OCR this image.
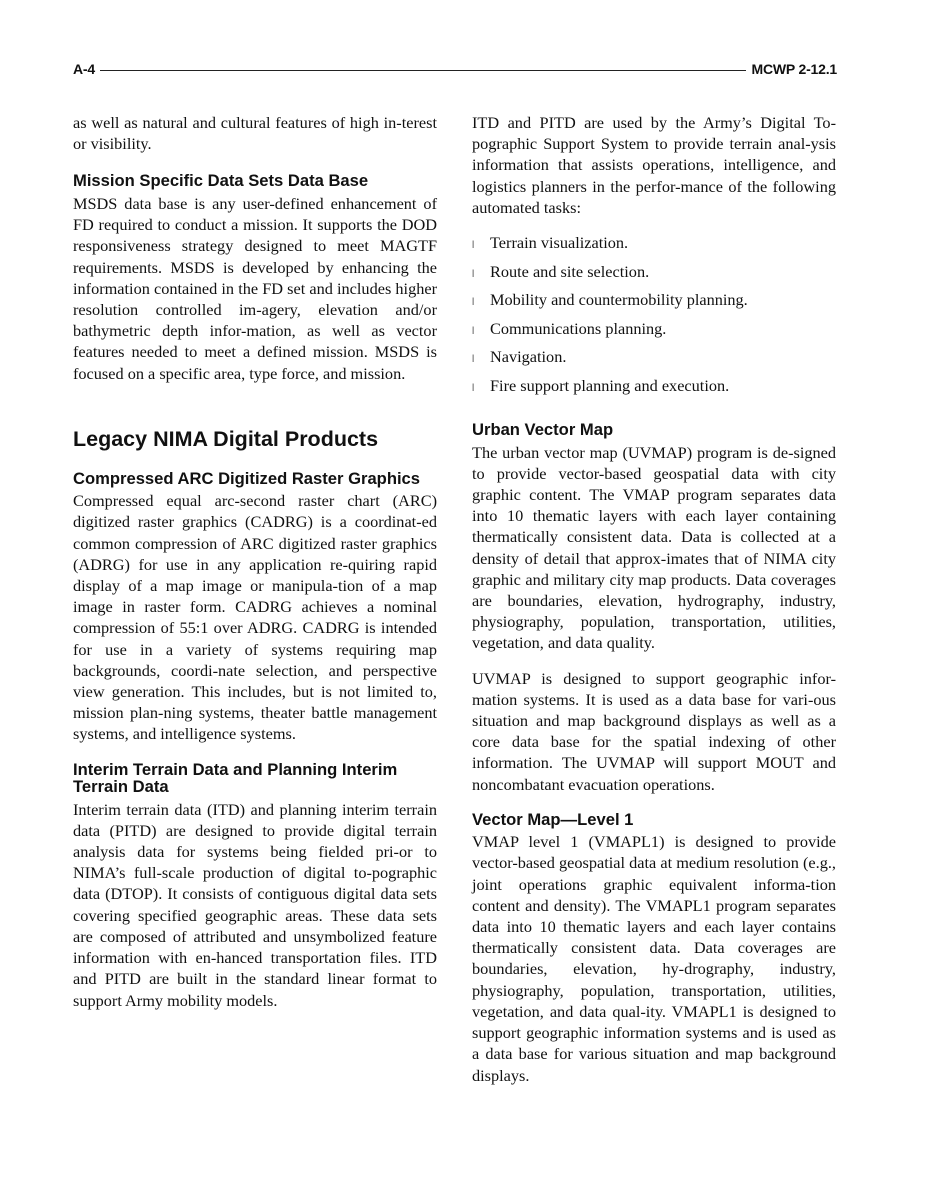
A-4	MCWP 2-12.1

as well as natural and cultural features of high in-terest or visibility.

Mission Specific Data Sets Data Base

MSDS data base is any user-defined enhancement of FD required to conduct a mission. It supports the DOD responsiveness strategy designed to meet MAGTF requirements. MSDS is developed by enhancing the information contained in the FD set and includes higher resolution controlled im-agery, elevation and/or bathymetric depth infor-mation, as well as vector features needed to meet a defined mission. MSDS is focused on a specific area, type force, and mission.

Legacy NIMA Digital Products
Compressed ARC Digitized Raster Graphics

Compressed equal arc-second raster chart (ARC) digitized raster graphics (CADRG) is a coordinat-ed common compression of ARC digitized raster graphics (ADRG) for use in any application re-quiring rapid display of a map image or manipula-tion of a map image in raster form. CADRG achieves a nominal compression of 55:1 over ADRG. CADRG is intended for use in a variety of systems requiring map backgrounds, coordi-nate selection, and perspective view generation. This includes, but is not limited to, mission plan-ning systems, theater battle management systems, and intelligence systems.

Interim Terrain Data and Planning Interim Terrain Data

Interim terrain data (ITD) and planning interim terrain data (PITD) are designed to provide digital terrain analysis data for systems being fielded pri-or to NIMA’s full-scale production of digital to-pographic data (DTOP). It consists of contiguous digital data sets covering specified geographic areas. These data sets are composed of attributed and unsymbolized feature information with en-hanced transportation files. ITD and PITD are built in the standard linear format to support Army mobility models.

ITD and PITD are used by the Army’s Digital To-pographic Support System to provide terrain anal-ysis information that assists operations, intelligence, and logistics planners in the perfor-mance of the following automated tasks:

l Terrain visualization.
l Route and site selection.
l Mobility and countermobility planning.
l Communications planning.
l Navigation.
l Fire support planning and execution.
Urban Vector Map

The urban vector map (UVMAP) program is de-signed to provide vector-based geospatial data with city graphic content. The VMAP program separates data into 10 thematic layers with each layer containing thermatically consistent data. Data is collected at a density of detail that approx-imates that of NIMA city graphic and military city map products. Data coverages are boundaries, elevation, hydrography, industry, physiography, population, transportation, utilities, vegetation, and data quality.

UVMAP is designed to support geographic infor-mation systems. It is used as a data base for vari-ous situation and map background displays as well as a core data base for the spatial indexing of other information. The UVMAP will support MOUT and noncombatant evacuation operations.

Vector Map—Level 1

VMAP level 1 (VMAPL1) is designed to provide vector-based geospatial data at medium resolution (e.g., joint operations graphic equivalent informa-tion content and density). The VMAPL1 program separates data into 10 thematic layers and each layer contains thermatically consistent data. Data coverages are boundaries, elevation, hy-drography, industry, physiography, population, transportation, utilities, vegetation, and data qual-ity. VMAPL1 is designed to support geographic information systems and is used as a data base for various situation and map background displays.
